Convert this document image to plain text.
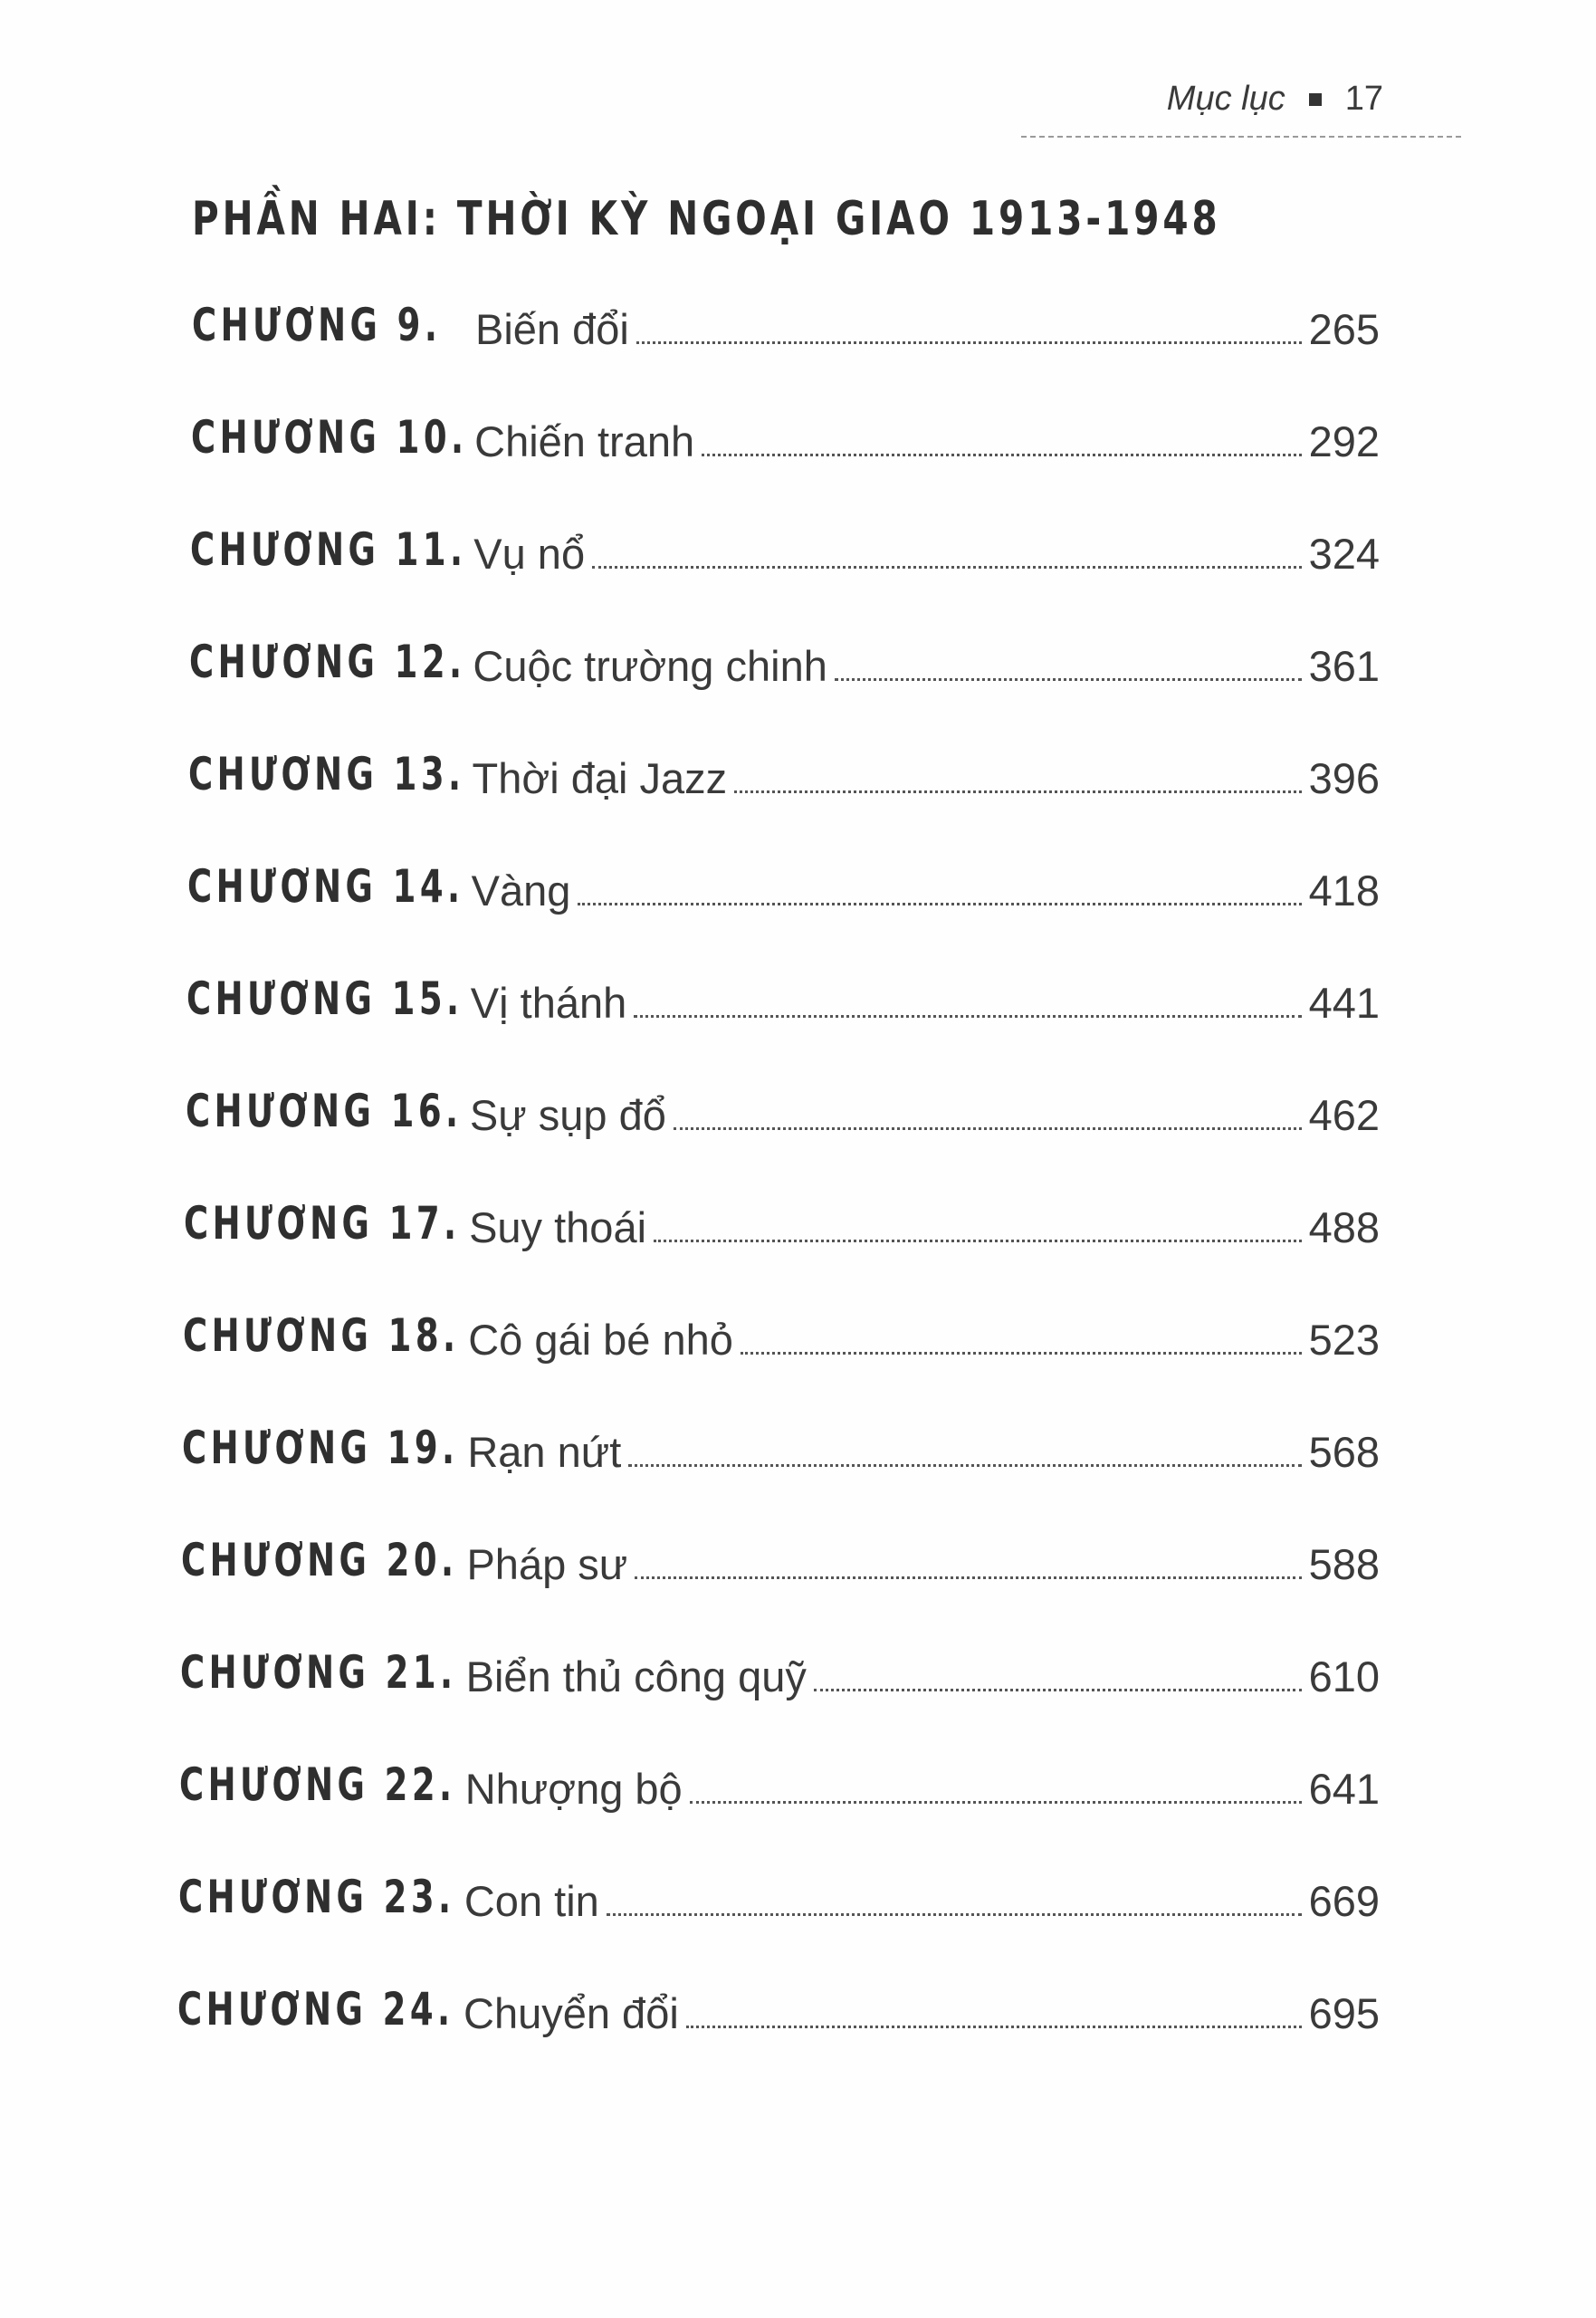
Mục lục 17
PHẦN HAI: THỜI KỲ NGOẠI GIAO 1913-1948
CHƯƠNG 9. Biến đổi	265
CHƯƠNG 10. Chiến tranh	292
CHƯƠNG 11. Vụ nổ	324
CHƯƠNG 12. Cuộc trường chinh	361
CHƯƠNG 13. Thời đại Jazz	396
CHƯƠNG 14. Vàng	418
CHƯƠNG 15. Vị thánh	441
CHƯƠNG 16. Sự sụp đổ	462
CHƯƠNG 17. Suy thoái	488
CHƯƠNG 18. Cô gái bé nhỏ	523
CHƯƠNG 19. Rạn nứt	568
CHƯƠNG 20. Pháp sư	588
CHƯƠNG 21. Biển thủ công quỹ	610
CHƯƠNG 22. Nhượng bộ	641
CHƯƠNG 23. Con tin	669
CHƯƠNG 24. Chuyển đổi	695
